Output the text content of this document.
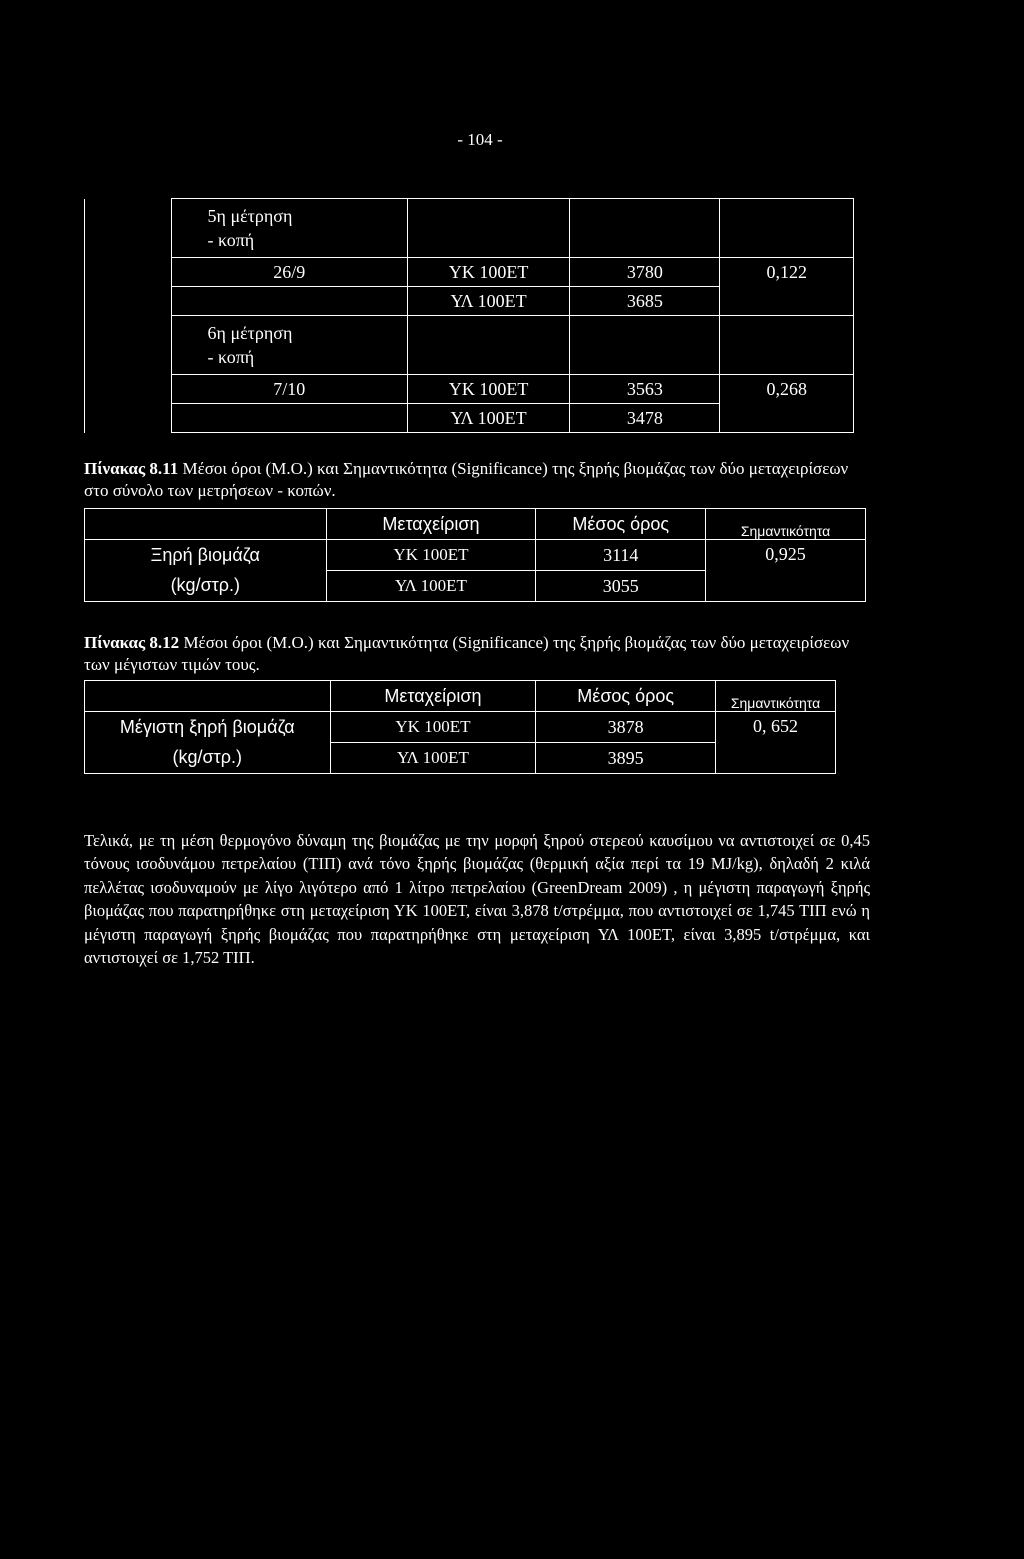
- 104 -
	5η μέτρηση
- κοπή			
	26/9	ΥΚ 100ΕΤ	3780	0,122
		ΥΛ 100ΕΤ	3685	
	6η μέτρηση
- κοπή			
	7/10	ΥΚ 100ΕΤ	3563	0,268
		ΥΛ 100ΕΤ	3478	
Πίνακας 8.11 Μέσοι όροι (Μ.Ο.) και Σημαντικότητα (Significance) της ξηρής βιομάζας των δύο μεταχειρίσεων στο σύνολο των μετρήσεων - κοπών.
	Μεταχείριση	Μέσος όρος	Σημαντικότητα
Ξηρή βιομάζα	ΥΚ 100ΕΤ	3114	0,925
(kg/στρ.)	ΥΛ 100ΕΤ	3055	
Πίνακας 8.12 Μέσοι όροι (Μ.Ο.) και Σημαντικότητα (Significance) της ξηρής βιομάζας των δύο μεταχειρίσεων των μέγιστων τιμών τους.
	Μεταχείριση	Μέσος όρος	Σημαντικότητα
Μέγιστη ξηρή βιομάζα	ΥΚ 100ΕΤ	3878	0, 652
(kg/στρ.)	ΥΛ 100ΕΤ	3895	

Τελικά, με τη μέση θερμογόνο δύναμη της βιομάζας με την μορφή ξηρού στερεού καυσίμου να αντιστοιχεί σε 0,45 τόνους ισοδυνάμου πετρελαίου (ΤΙΠ) ανά τόνο ξηρής βιομάζας (θερμική αξία περί τα 19 MJ/kg), δηλαδή 2 κιλά πελλέτας ισοδυναμούν με λίγο λιγότερο από 1 λίτρο πετρελαίου (GreenDream 2009) , η μέγιστη παραγωγή ξηρής βιομάζας που παρατηρήθηκε στη μεταχείριση ΥΚ 100ΕΤ, είναι 3,878 t/στρέμμα, που αντιστοιχεί σε 1,745 ΤΙΠ ενώ η μέγιστη παραγωγή ξηρής βιομάζας που παρατηρήθηκε στη μεταχείριση ΥΛ 100ΕΤ, είναι 3,895 t/στρέμμα, και αντιστοιχεί σε 1,752 ΤΙΠ.
